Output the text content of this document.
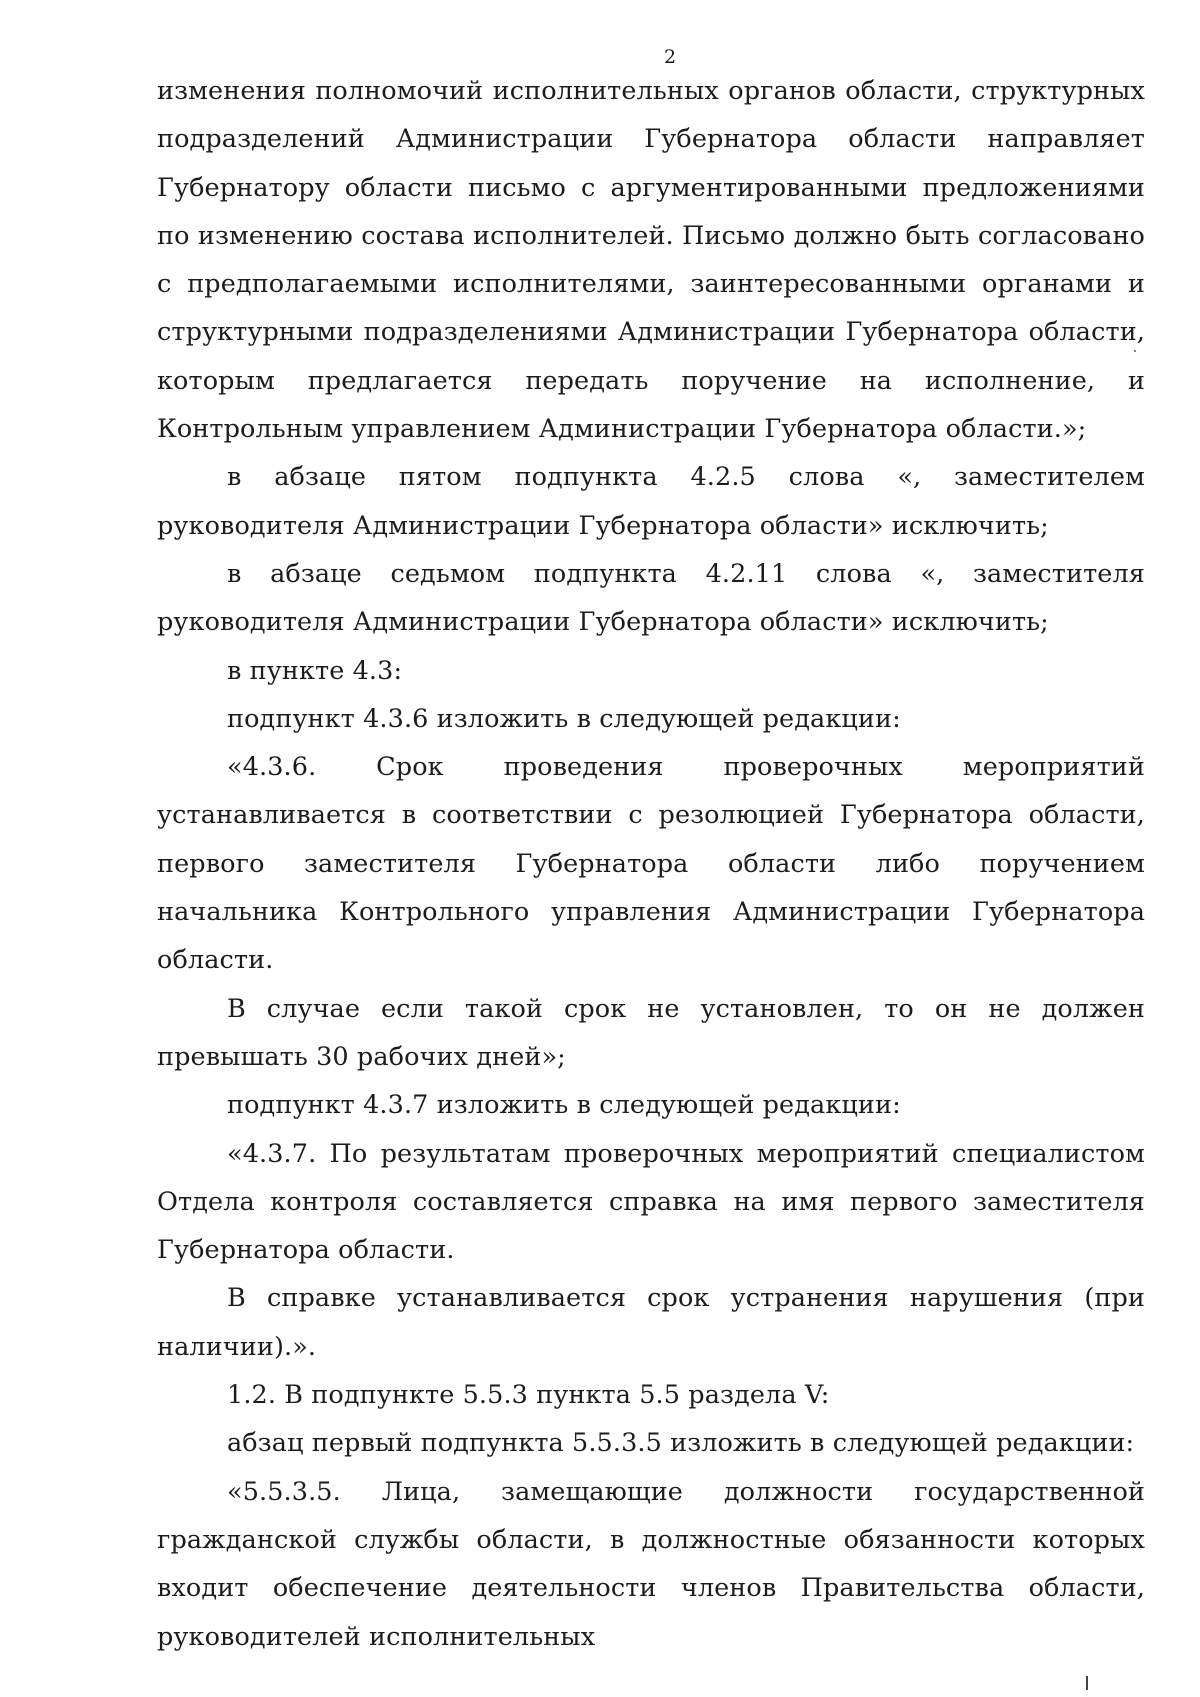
2

изменения полномочий исполнительных органов области, структурных подразделений Администрации Губернатора области направляет Губернатору области письмо с аргументированными предложениями по изменению состава исполнителей. Письмо должно быть согласовано с предполагаемыми исполнителями, заинтересованными органами и структурными подразделениями Администрации Губернатора области, которым предлагается передать поручение на исполнение, и Контрольным управлением Администрации Губернатора области.»;

в абзаце пятом подпункта 4.2.5 слова «, заместителем руководителя Администрации Губернатора области» исключить;

в абзаце седьмом подпункта 4.2.11 слова «, заместителя руководителя Администрации Губернатора области» исключить;

в пункте 4.3:

подпункт 4.3.6 изложить в следующей редакции:

«4.3.6. Срок проведения проверочных мероприятий устанавливается в соответствии с резолюцией Губернатора области, первого заместителя Губернатора области либо поручением начальника Контрольного управления Администрации Губернатора области.

В случае если такой срок не установлен, то он не должен превышать 30 рабочих дней»;

подпункт 4.3.7 изложить в следующей редакции:

«4.3.7. По результатам проверочных мероприятий специалистом Отдела контроля составляется справка на имя первого заместителя Губернатора области.

В справке устанавливается срок устранения нарушения (при наличии).».

1.2. В подпункте 5.5.3 пункта 5.5 раздела V:

абзац первый подпункта 5.5.3.5 изложить в следующей редакции:

«5.5.3.5. Лица, замещающие должности государственной гражданской службы области, в должностные обязанности которых входит обеспечение деятельности членов Правительства области, руководителей исполнительных
